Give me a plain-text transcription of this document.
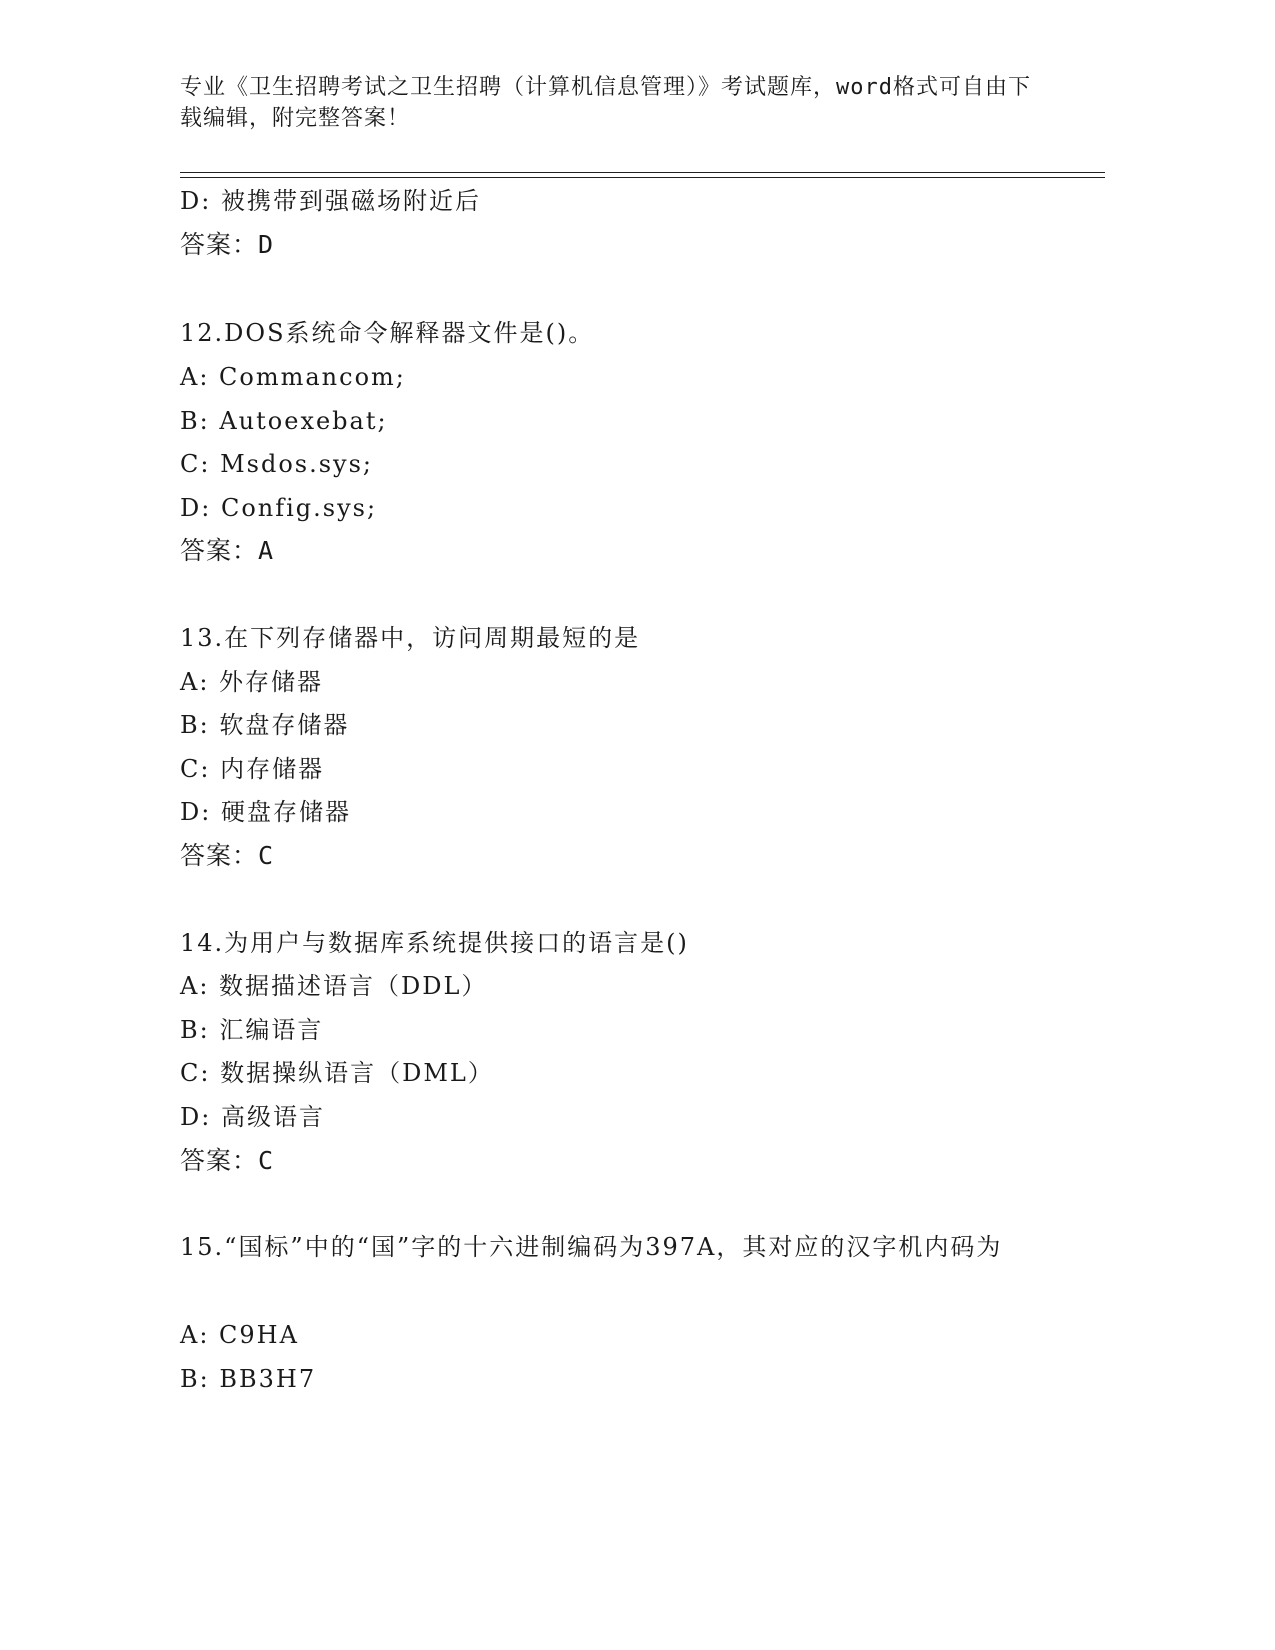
专业《卫生招聘考试之卫生招聘（计算机信息管理）》考试题库，word格式可自由下载编辑，附完整答案！
D: 被携带到强磁场附近后
答案：D
12.DOS系统命令解释器文件是()。
A: Commancom;
B: Autoexebat;
C: Msdos.sys;
D: Config.sys;
答案：A
13.在下列存储器中，访问周期最短的是
A: 外存储器
B: 软盘存储器
C: 内存储器
D: 硬盘存储器
答案：C
14.为用户与数据库系统提供接口的语言是()
A: 数据描述语言（DDL）
B: 汇编语言
C: 数据操纵语言（DML）
D: 高级语言
答案：C
15.“国标”中的“国”字的十六进制编码为397A，其对应的汉字机内码为
A: C9HA
B: BB3H7
